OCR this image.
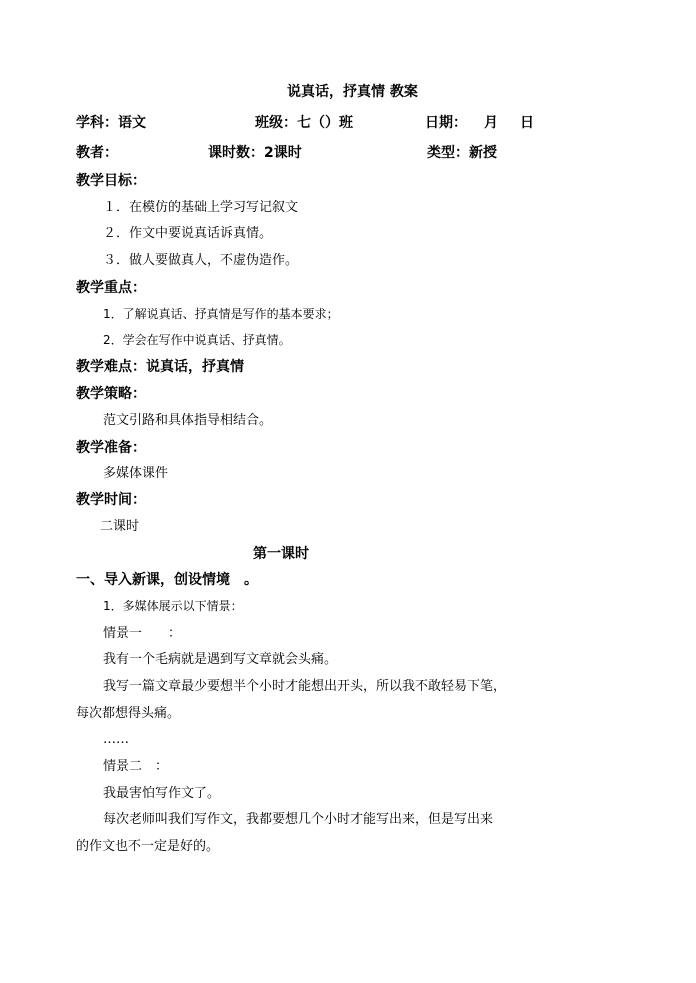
说真话，抒真情 教案
学科：语文	班级：七（）班	日期： 月 日
教者：	课时数：2课时	类型：新授
教学目标：
１．在模仿的基础上学习写记叙文
２．作文中要说真话诉真情。
３．做人要做真人，不虚伪造作。
教学重点：
1．了解说真话、抒真情是写作的基本要求；
2．学会在写作中说真话、抒真情。
教学难点：说真话，抒真情
教学策略：
范文引路和具体指导相结合。
教学准备：
多媒体课件
教学时间：
二课时
第一课时
一、导入新课，创设情境　。
1．多媒体展示以下情景：
情景一　　：
我有一个毛病就是遇到写文章就会头痛。
我写一篇文章最少要想半个小时才能想出开头，所以我不敢轻易下笔，
每次都想得头痛。
……
情景二　：
我最害怕写作文了。
每次老师叫我们写作文，我都要想几个小时才能写出来，但是写出来
的作文也不一定是好的。
